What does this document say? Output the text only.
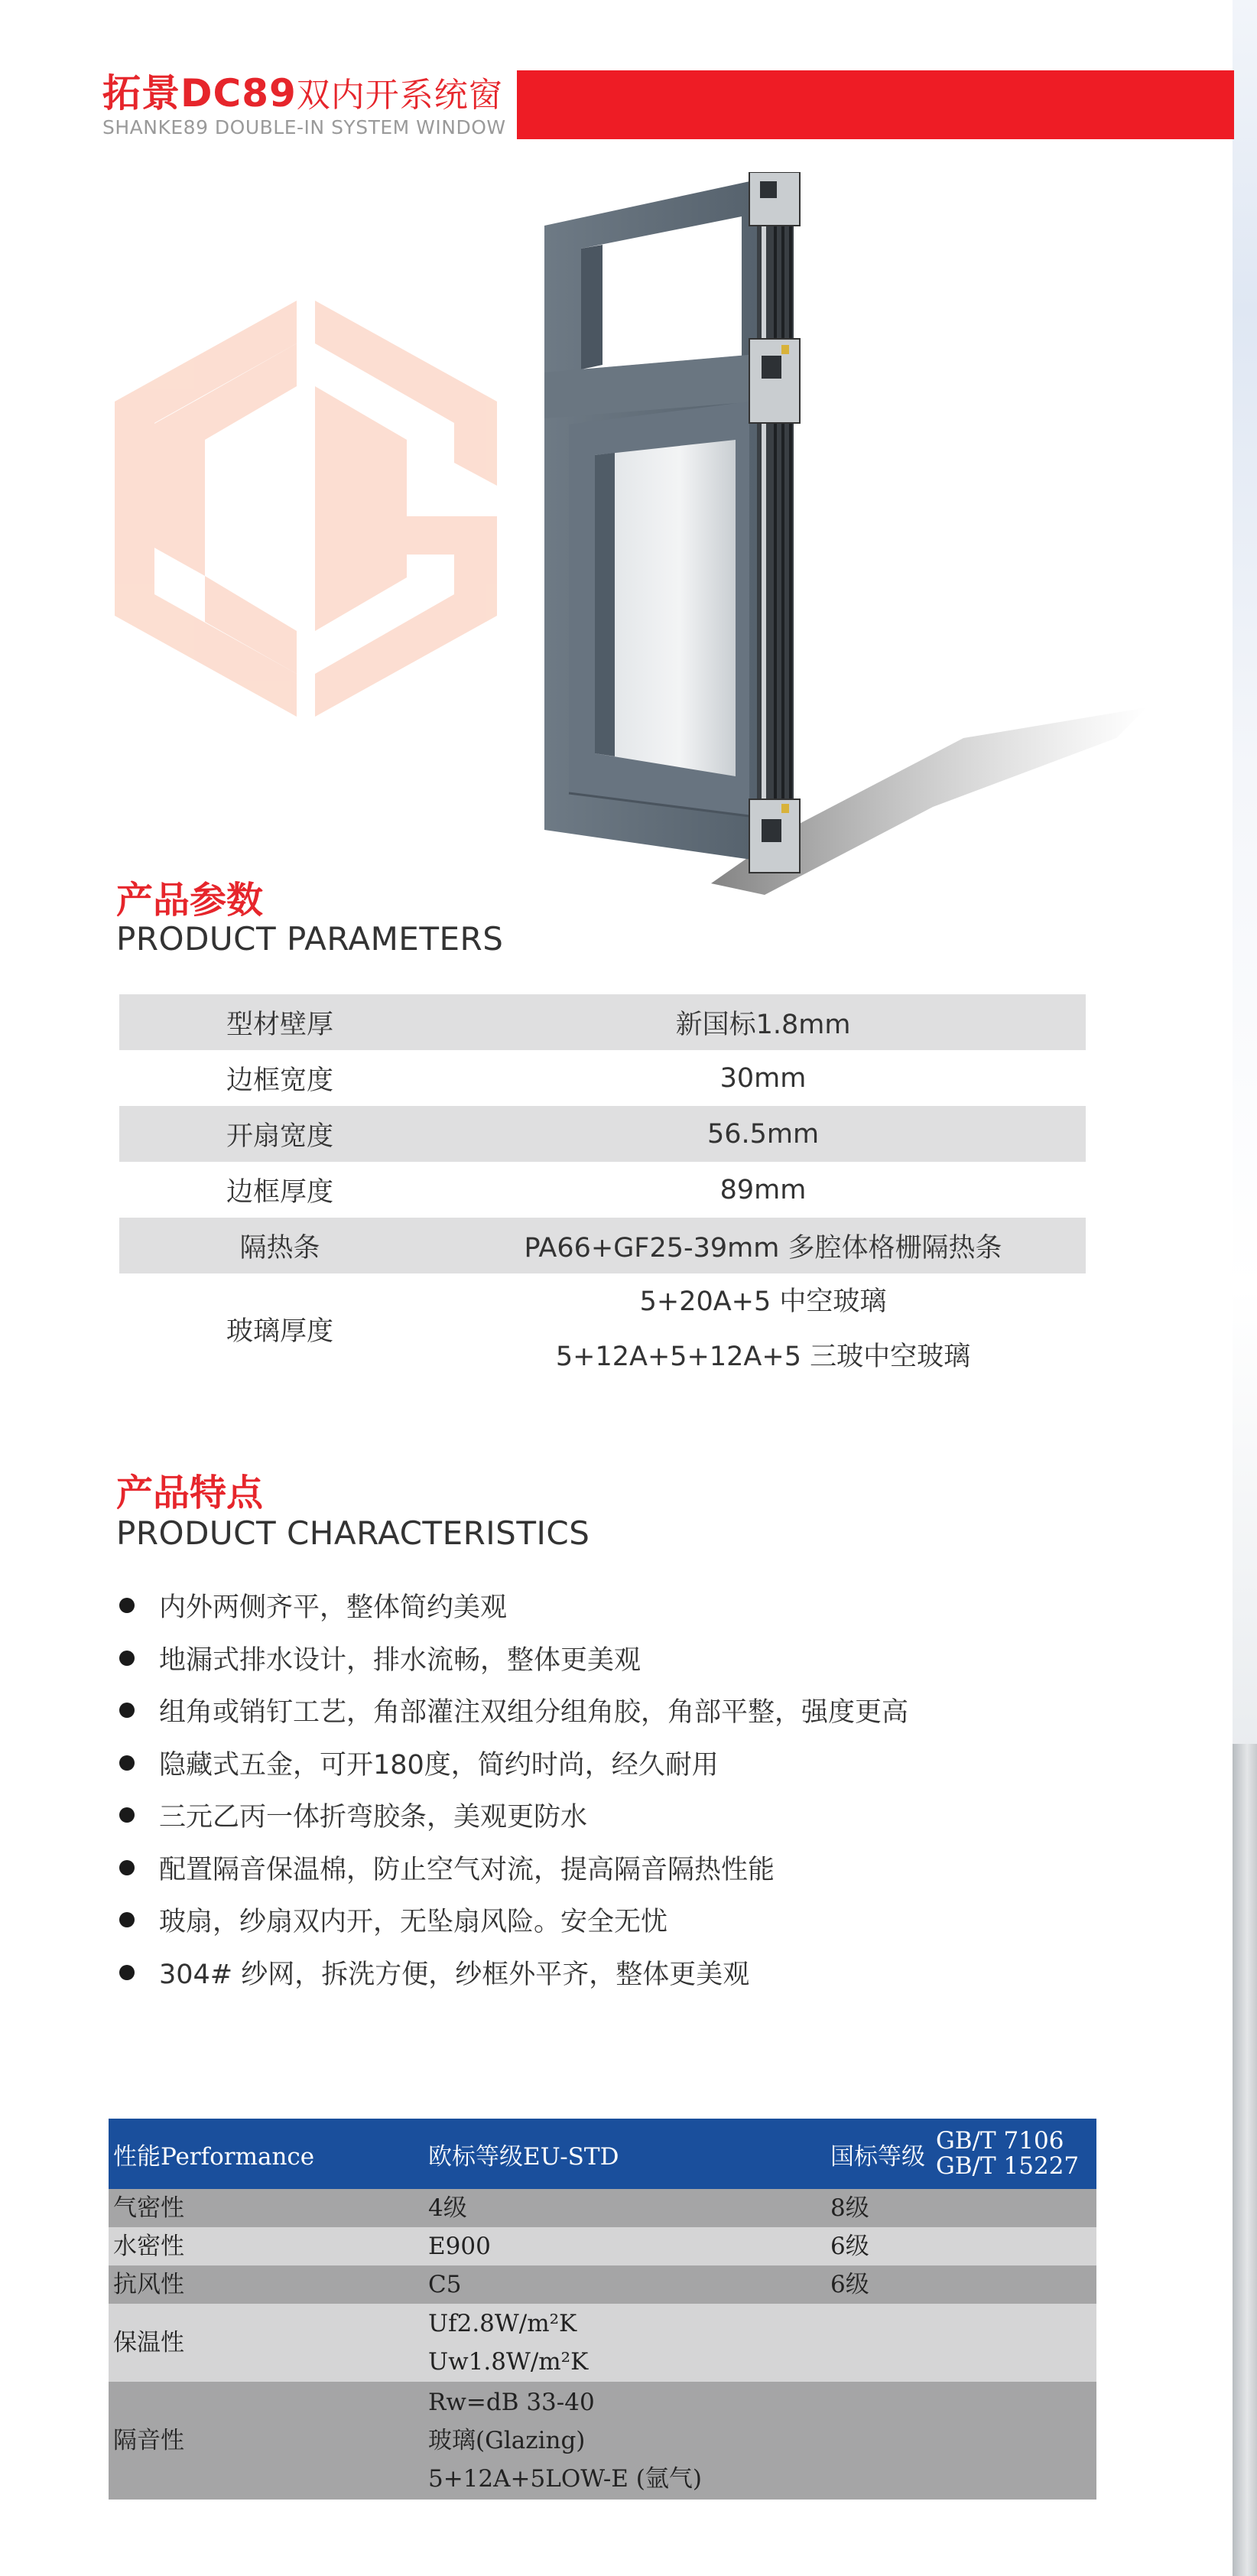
拓景DC89双内开系统窗
SHANKE89 DOUBLE-IN SYSTEM WINDOW
产品参数
PRODUCT PARAMETERS
型材壁厚	新国标1.8mm
边框宽度	30mm
开扇宽度	56.5mm
边框厚度	89mm
隔热条	PA66+GF25-39mm 多腔体格栅隔热条
玻璃厚度	5+20A+5 中空玻璃
5+12A+5+12A+5 三玻中空玻璃
产品特点
PRODUCT CHARACTERISTICS
内外两侧齐平，整体简约美观
地漏式排水设计，排水流畅，整体更美观
组角或销钉工艺，角部灌注双组分组角胶，角部平整，强度更高
隐藏式五金，可开180度，简约时尚，经久耐用
三元乙丙一体折弯胶条，美观更防水
配置隔音保温棉，防止空气对流，提高隔音隔热性能
玻扇，纱扇双内开，无坠扇风险。安全无忧
304# 纱网，拆洗方便，纱框外平齐，整体更美观
性能Performance	欧标等级EU-STD	国标等级
GB/T 7106
GB/T 15227

气密性	4级	8级
水密性	E900	6级
抗风性	C5	6级
保温性	Uf2.8W/m²K
Uw1.8W/m²K	

隔音性	Rw=dB 33-40
玻璃(Glazing)
5+12A+5LOW-E (氩气)	
